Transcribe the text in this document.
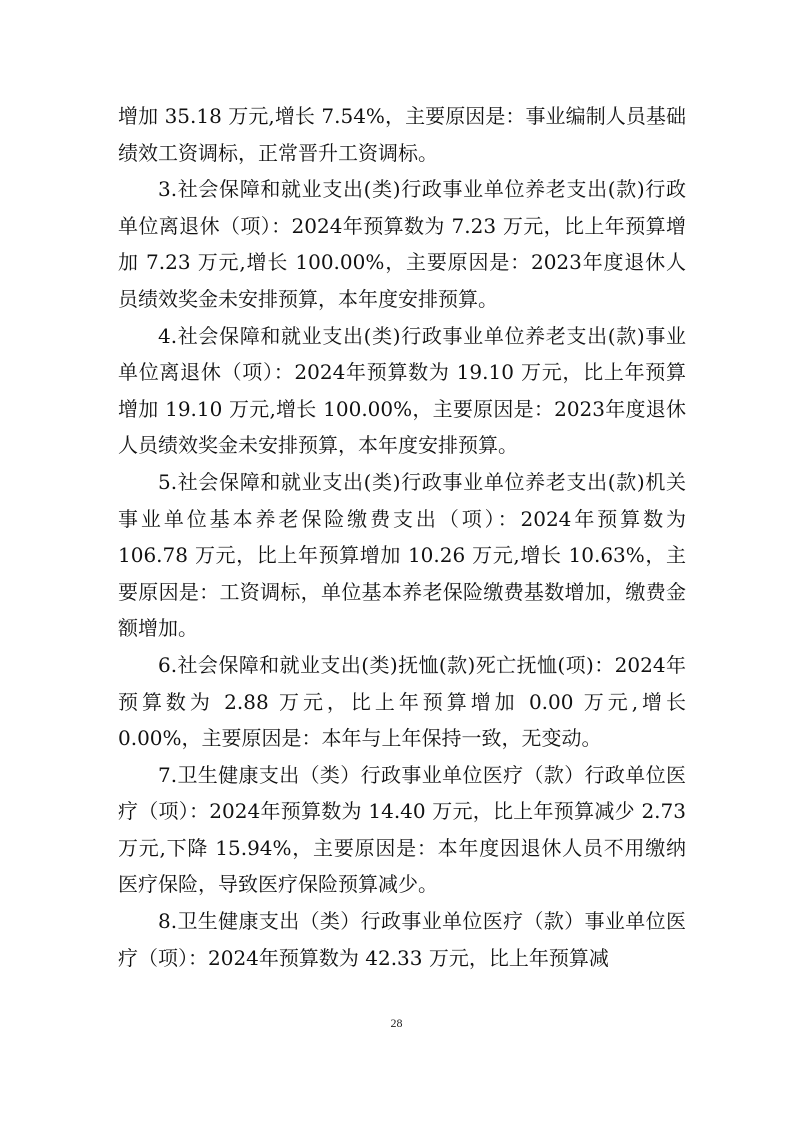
增加 35.18 万元,增长 7.54%，主要原因是：事业编制人员基础绩效工资调标，正常晋升工资调标。

3.社会保障和就业支出(类)行政事业单位养老支出(款)行政单位离退休（项）：2024年预算数为 7.23 万元，比上年预算增加 7.23 万元,增长 100.00%，主要原因是：2023年度退休人员绩效奖金未安排预算，本年度安排预算。

4.社会保障和就业支出(类)行政事业单位养老支出(款)事业单位离退休（项）：2024年预算数为 19.10 万元，比上年预算增加 19.10 万元,增长 100.00%，主要原因是：2023年度退休人员绩效奖金未安排预算，本年度安排预算。

5.社会保障和就业支出(类)行政事业单位养老支出(款)机关事业单位基本养老保险缴费支出（项）：2024年预算数为 106.78 万元，比上年预算增加 10.26 万元,增长 10.63%，主要原因是：工资调标，单位基本养老保险缴费基数增加，缴费金额增加。

6.社会保障和就业支出(类)抚恤(款)死亡抚恤(项)：2024年预算数为 2.88 万元，比上年预算增加 0.00 万元,增长 0.00%，主要原因是：本年与上年保持一致，无变动。

7.卫生健康支出（类）行政事业单位医疗（款）行政单位医疗（项）：2024年预算数为 14.40 万元，比上年预算减少 2.73 万元,下降 15.94%，主要原因是：本年度因退休人员不用缴纳医疗保险，导致医疗保险预算减少。

8.卫生健康支出（类）行政事业单位医疗（款）事业单位医疗（项）：2024年预算数为 42.33 万元，比上年预算减

28
